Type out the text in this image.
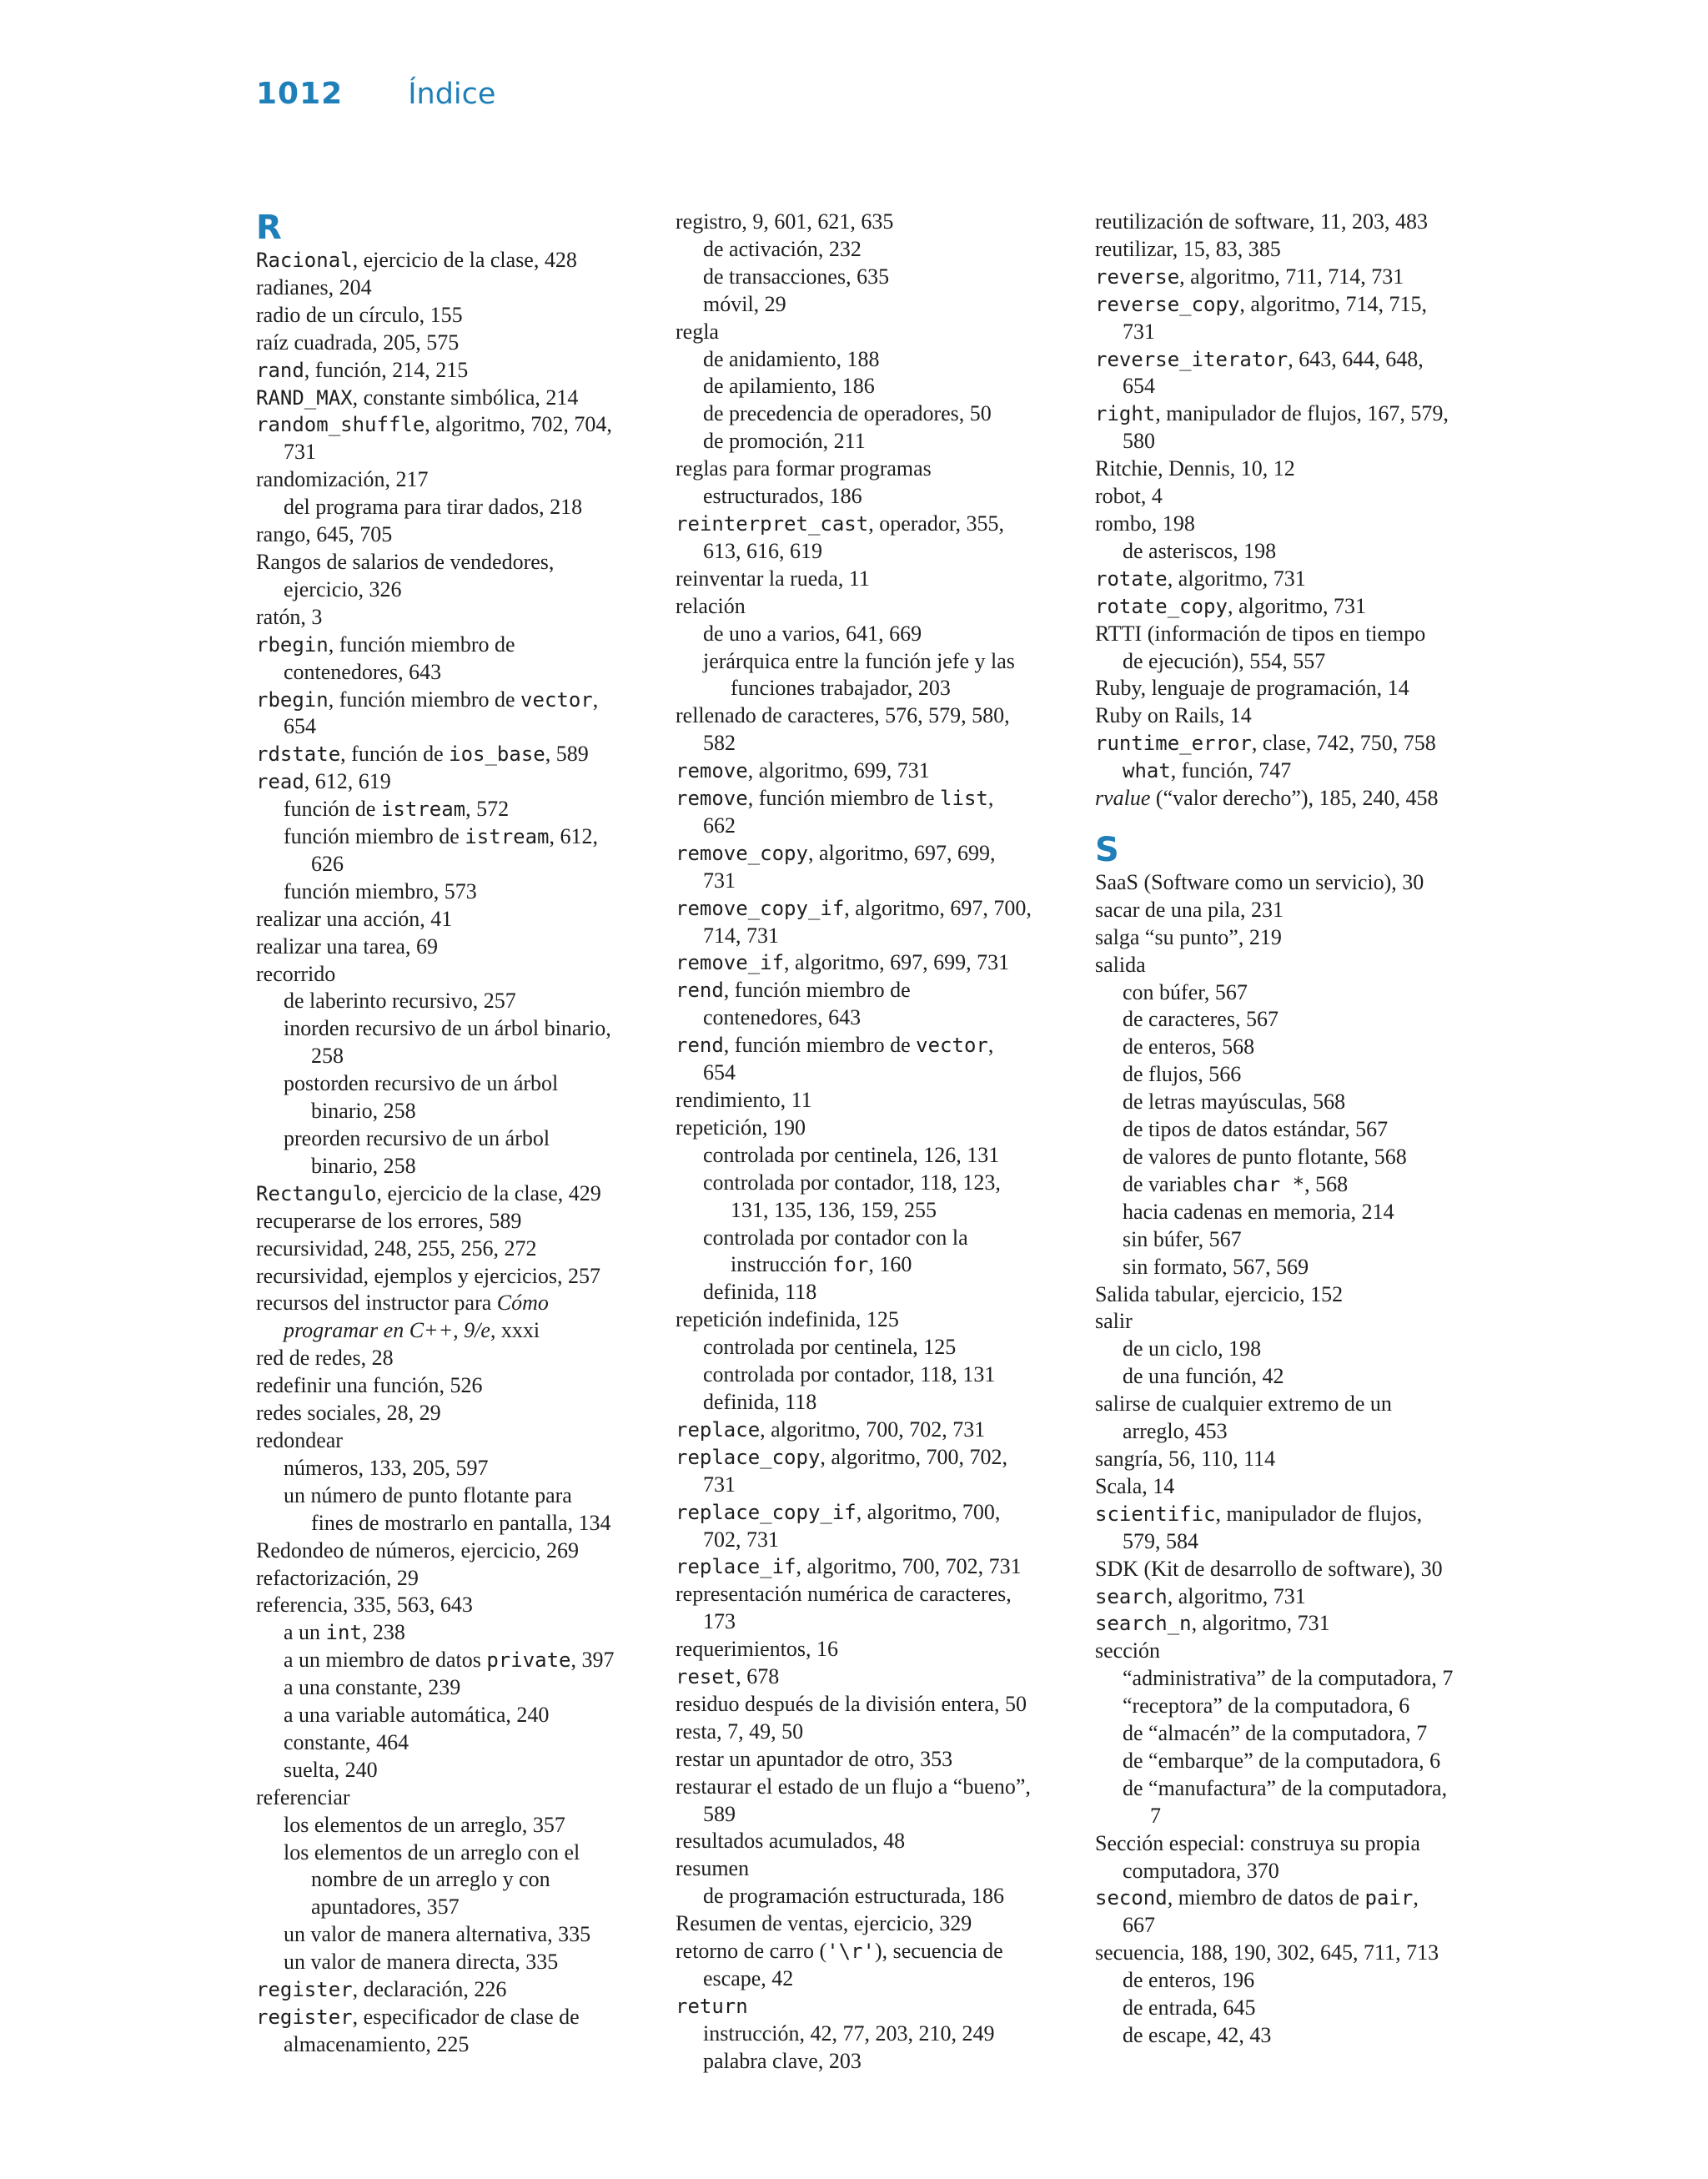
1012 Índice
R
Racional, ejercicio de la clase, 428
radianes, 204
radio de un círculo, 155
raíz cuadrada, 205, 575
rand, función, 214, 215
RAND_MAX, constante simbólica, 214
random_shuffle, algoritmo, 702, 704,
731
randomización, 217
del programa para tirar dados, 218
rango, 645, 705
Rangos de salarios de vendedores,
ejercicio, 326
ratón, 3
rbegin, función miembro de
contenedores, 643
rbegin, función miembro de vector,
654
rdstate, función de ios_base, 589
read, 612, 619
función de istream, 572
función miembro de istream, 612,
626
función miembro, 573
realizar una acción, 41
realizar una tarea, 69
recorrido
de laberinto recursivo, 257
inorden recursivo de un árbol binario,
258
postorden recursivo de un árbol
binario, 258
preorden recursivo de un árbol
binario, 258
Rectangulo, ejercicio de la clase, 429
recuperarse de los errores, 589
recursividad, 248, 255, 256, 272
recursividad, ejemplos y ejercicios, 257
recursos del instructor para Cómo
programar en C++, 9/e, xxxi
red de redes, 28
redefinir una función, 526
redes sociales, 28, 29
redondear
números, 133, 205, 597
un número de punto flotante para
fines de mostrarlo en pantalla, 134
Redondeo de números, ejercicio, 269
refactorización, 29
referencia, 335, 563, 643
a un int, 238
a un miembro de datos private, 397
a una constante, 239
a una variable automática, 240
constante, 464
suelta, 240
referenciar
los elementos de un arreglo, 357
los elementos de un arreglo con el
nombre de un arreglo y con
apuntadores, 357
un valor de manera alternativa, 335
un valor de manera directa, 335
register, declaración, 226
register, especificador de clase de
almacenamiento, 225
registro, 9, 601, 621, 635
de activación, 232
de transacciones, 635
móvil, 29
regla
de anidamiento, 188
de apilamiento, 186
de precedencia de operadores, 50
de promoción, 211
reglas para formar programas
estructurados, 186
reinterpret_cast, operador, 355,
613, 616, 619
reinventar la rueda, 11
relación
de uno a varios, 641, 669
jerárquica entre la función jefe y las
funciones trabajador, 203
rellenado de caracteres, 576, 579, 580,
582
remove, algoritmo, 699, 731
remove, función miembro de list,
662
remove_copy, algoritmo, 697, 699,
731
remove_copy_if, algoritmo, 697, 700,
714, 731
remove_if, algoritmo, 697, 699, 731
rend, función miembro de
contenedores, 643
rend, función miembro de vector,
654
rendimiento, 11
repetición, 190
controlada por centinela, 126, 131
controlada por contador, 118, 123,
131, 135, 136, 159, 255
controlada por contador con la
instrucción for, 160
definida, 118
repetición indefinida, 125
controlada por centinela, 125
controlada por contador, 118, 131
definida, 118
replace, algoritmo, 700, 702, 731
replace_copy, algoritmo, 700, 702,
731
replace_copy_if, algoritmo, 700,
702, 731
replace_if, algoritmo, 700, 702, 731
representación numérica de caracteres,
173
requerimientos, 16
reset, 678
residuo después de la división entera, 50
resta, 7, 49, 50
restar un apuntador de otro, 353
restaurar el estado de un flujo a “bueno”,
589
resultados acumulados, 48
resumen
de programación estructurada, 186
Resumen de ventas, ejercicio, 329
retorno de carro ('\r'), secuencia de
escape, 42
return
instrucción, 42, 77, 203, 210, 249
palabra clave, 203
reutilización de software, 11, 203, 483
reutilizar, 15, 83, 385
reverse, algoritmo, 711, 714, 731
reverse_copy, algoritmo, 714, 715,
731
reverse_iterator, 643, 644, 648,
654
right, manipulador de flujos, 167, 579,
580
Ritchie, Dennis, 10, 12
robot, 4
rombo, 198
de asteriscos, 198
rotate, algoritmo, 731
rotate_copy, algoritmo, 731
RTTI (información de tipos en tiempo
de ejecución), 554, 557
Ruby, lenguaje de programación, 14
Ruby on Rails, 14
runtime_error, clase, 742, 750, 758
what, función, 747
rvalue (“valor derecho”), 185, 240, 458
S
SaaS (Software como un servicio), 30
sacar de una pila, 231
salga “su punto”, 219
salida
con búfer, 567
de caracteres, 567
de enteros, 568
de flujos, 566
de letras mayúsculas, 568
de tipos de datos estándar, 567
de valores de punto flotante, 568
de variables char *, 568
hacia cadenas en memoria, 214
sin búfer, 567
sin formato, 567, 569
Salida tabular, ejercicio, 152
salir
de un ciclo, 198
de una función, 42
salirse de cualquier extremo de un
arreglo, 453
sangría, 56, 110, 114
Scala, 14
scientific, manipulador de flujos,
579, 584
SDK (Kit de desarrollo de software), 30
search, algoritmo, 731
search_n, algoritmo, 731
sección
“administrativa” de la computadora, 7
“receptora” de la computadora, 6
de “almacén” de la computadora, 7
de “embarque” de la computadora, 6
de “manufactura” de la computadora,
7
Sección especial: construya su propia
computadora, 370
second, miembro de datos de pair,
667
secuencia, 188, 190, 302, 645, 711, 713
de enteros, 196
de entrada, 645
de escape, 42, 43
